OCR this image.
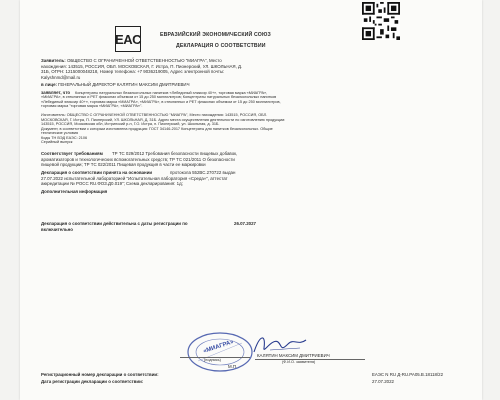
EAC	ЕВРАЗИЙСКИЙ ЭКОНОМИЧЕСКИЙ СОЮЗ
ДЕКЛАРАЦИЯ О СООТВЕТСТВИИ
Заявитель: ОБЩЕСТВО С ОГРАНИЧЕННОЙ ОТВЕТСТВЕННОСТЬЮ "МИАГРА", Место
нахождения: 143515, РОССИЯ, ОБЛ. МОСКОВСКАЯ, Г. Истра, П. Пионерский, УЛ. ШКОЛЬНАЯ, Д.
31Б, ОГРН: 1215000048218, Номер телефона: +7 9036219005, Адрес электронной почты:
Kalyshnmd@mail.ru
в лице: ГЕНЕРАЛЬНЫЙ ДИРЕКТОР КАЛЯТИН МАКСИМ ДМИТРИЕВИЧ
заявляет, что Концентраты натуральных безалкогольных напитков «Лебединый эликсир 40+», торговая марка «МИАГРА»,
«МИАГРА», в стеклянных и PET флаконах объемом от 15 до 250 миллилитров; Концентраты натуральных безалкогольных напитков
«Лебединый эликсир 40+», торговая марка «МИАГРА», «МИАГРА», в стеклянных и PET флаконах объемом от 15 до 250 миллилитров,
торговая марка "торговая марка «МИАГРА», «МИАГРА»".
Изготовитель: ОБЩЕСТВО С ОГРАНИЧЕННОЙ ОТВЕТСТВЕННОСТЬЮ "МИАГРА", Место нахождения: 143515, РОССИЯ, ОБЛ.
МОСКОВСКАЯ, Г. Истра, П. Пионерский, УЛ. ШКОЛЬНАЯ, Д. 31Б. Адрес места осуществления деятельности по изготовлению продукции:
143515, РОССИЯ, Московская обл, Истринский р-н, Г.О. Истра, п. Пионерский, ул. Школьная, д. 31Б.
Документ, в соответствии с которым изготовлена продукция: ГОСТ 34146-2017 Концентраты для напитков безалкогольных. Общие
технические условия
Коды ТН ВЭД ЕАЭС: 2106
Серийный выпуск
Соответствует требованиям ТР ТС 029/2012 Требования безопасности пищевых добавок,
ароматизаторов и технологических вспомогательных средств; ТР ТС 021/2011 О безопасности
пищевой продукции; ТР ТС 022/2011 Пищевая продукция в части ее маркировки
Декларация о соответствии принята на основании	протокола 552ВС.270722 выдан
27.07.2022 испытательной лабораторией "Испытательная лаборатория «Среда»", аттестат
аккредитации № РОСС RU.ФОЗ.Д0.019"; Схема декларирования: 1д;
Дополнительная информация
Декларация о соответствии действительна с даты регистрации по	26.07.2027
включительно
«МИАГРА»
М.П.
(подпись)
КАЛЯТИН МАКСИМ ДМИТРИЕВИЧ
(Ф.И.О. заявителя)
Регистрационный номер декларации о соответствии:	ЕАЭС N RU Д-RU.РА05.В.18118/22
Дата регистрации декларации о соответствии:	27.07.2022
